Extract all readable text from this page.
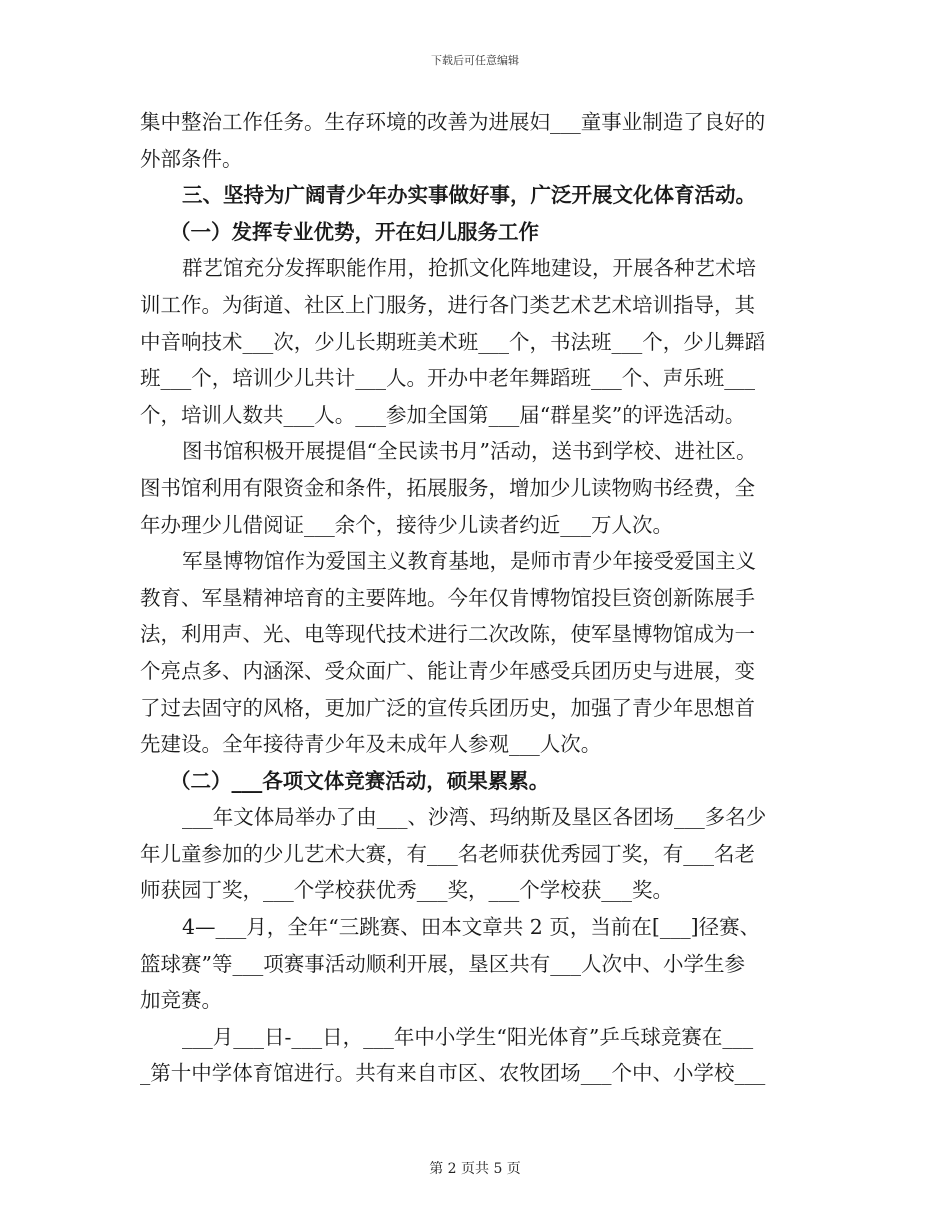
下载后可任意编辑
集中整治工作任务。生存环境的改善为进展妇___童事业制造了良好的
外部条件。
三、坚持为广阔青少年办实事做好事，广泛开展文化体育活动。
（一）发挥专业优势，开在妇儿服务工作
群艺馆充分发挥职能作用，抢抓文化阵地建设，开展各种艺术培
训工作。为街道、社区上门服务，进行各门类艺术艺术培训指导，其
中音响技术___次，少儿长期班美术班___个，书法班___个，少儿舞蹈
班___个，培训少儿共计___人。开办中老年舞蹈班___个、声乐班___
个，培训人数共___人。___参加全国第___届“群星奖”的评选活动。
图书馆积极开展提倡“全民读书月”活动，送书到学校、进社区。
图书馆利用有限资金和条件，拓展服务，增加少儿读物购书经费，全
年办理少儿借阅证___余个，接待少儿读者约近___万人次。
军垦博物馆作为爱国主义教育基地，是师市青少年接受爱国主义
教育、军垦精神培育的主要阵地。今年仅肯博物馆投巨资创新陈展手
法，利用声、光、电等现代技术进行二次改陈，使军垦博物馆成为一
个亮点多、内涵深、受众面广、能让青少年感受兵团历史与进展，变
了过去固守的风格，更加广泛的宣传兵团历史，加强了青少年思想首
先建设。全年接待青少年及未成年人参观___人次。
（二）___各项文体竞赛活动，硕果累累。
___年文体局举办了由___、沙湾、玛纳斯及垦区各团场___多名少
年儿童参加的少儿艺术大赛，有___名老师获优秀园丁奖，有___名老
师获园丁奖，___个学校获优秀___奖，___个学校获___奖。
4—___月，全年“三跳赛、田本文章共 2 页，当前在[___]径赛、
篮球赛”等___项赛事活动顺利开展，垦区共有___人次中、小学生参
加竞赛。
___月___日-___日，___年中小学生“阳光体育”乒乓球竞赛在___
_第十中学体育馆进行。共有来自市区、农牧团场___个中、小学校___
第 2 页共 5 页
